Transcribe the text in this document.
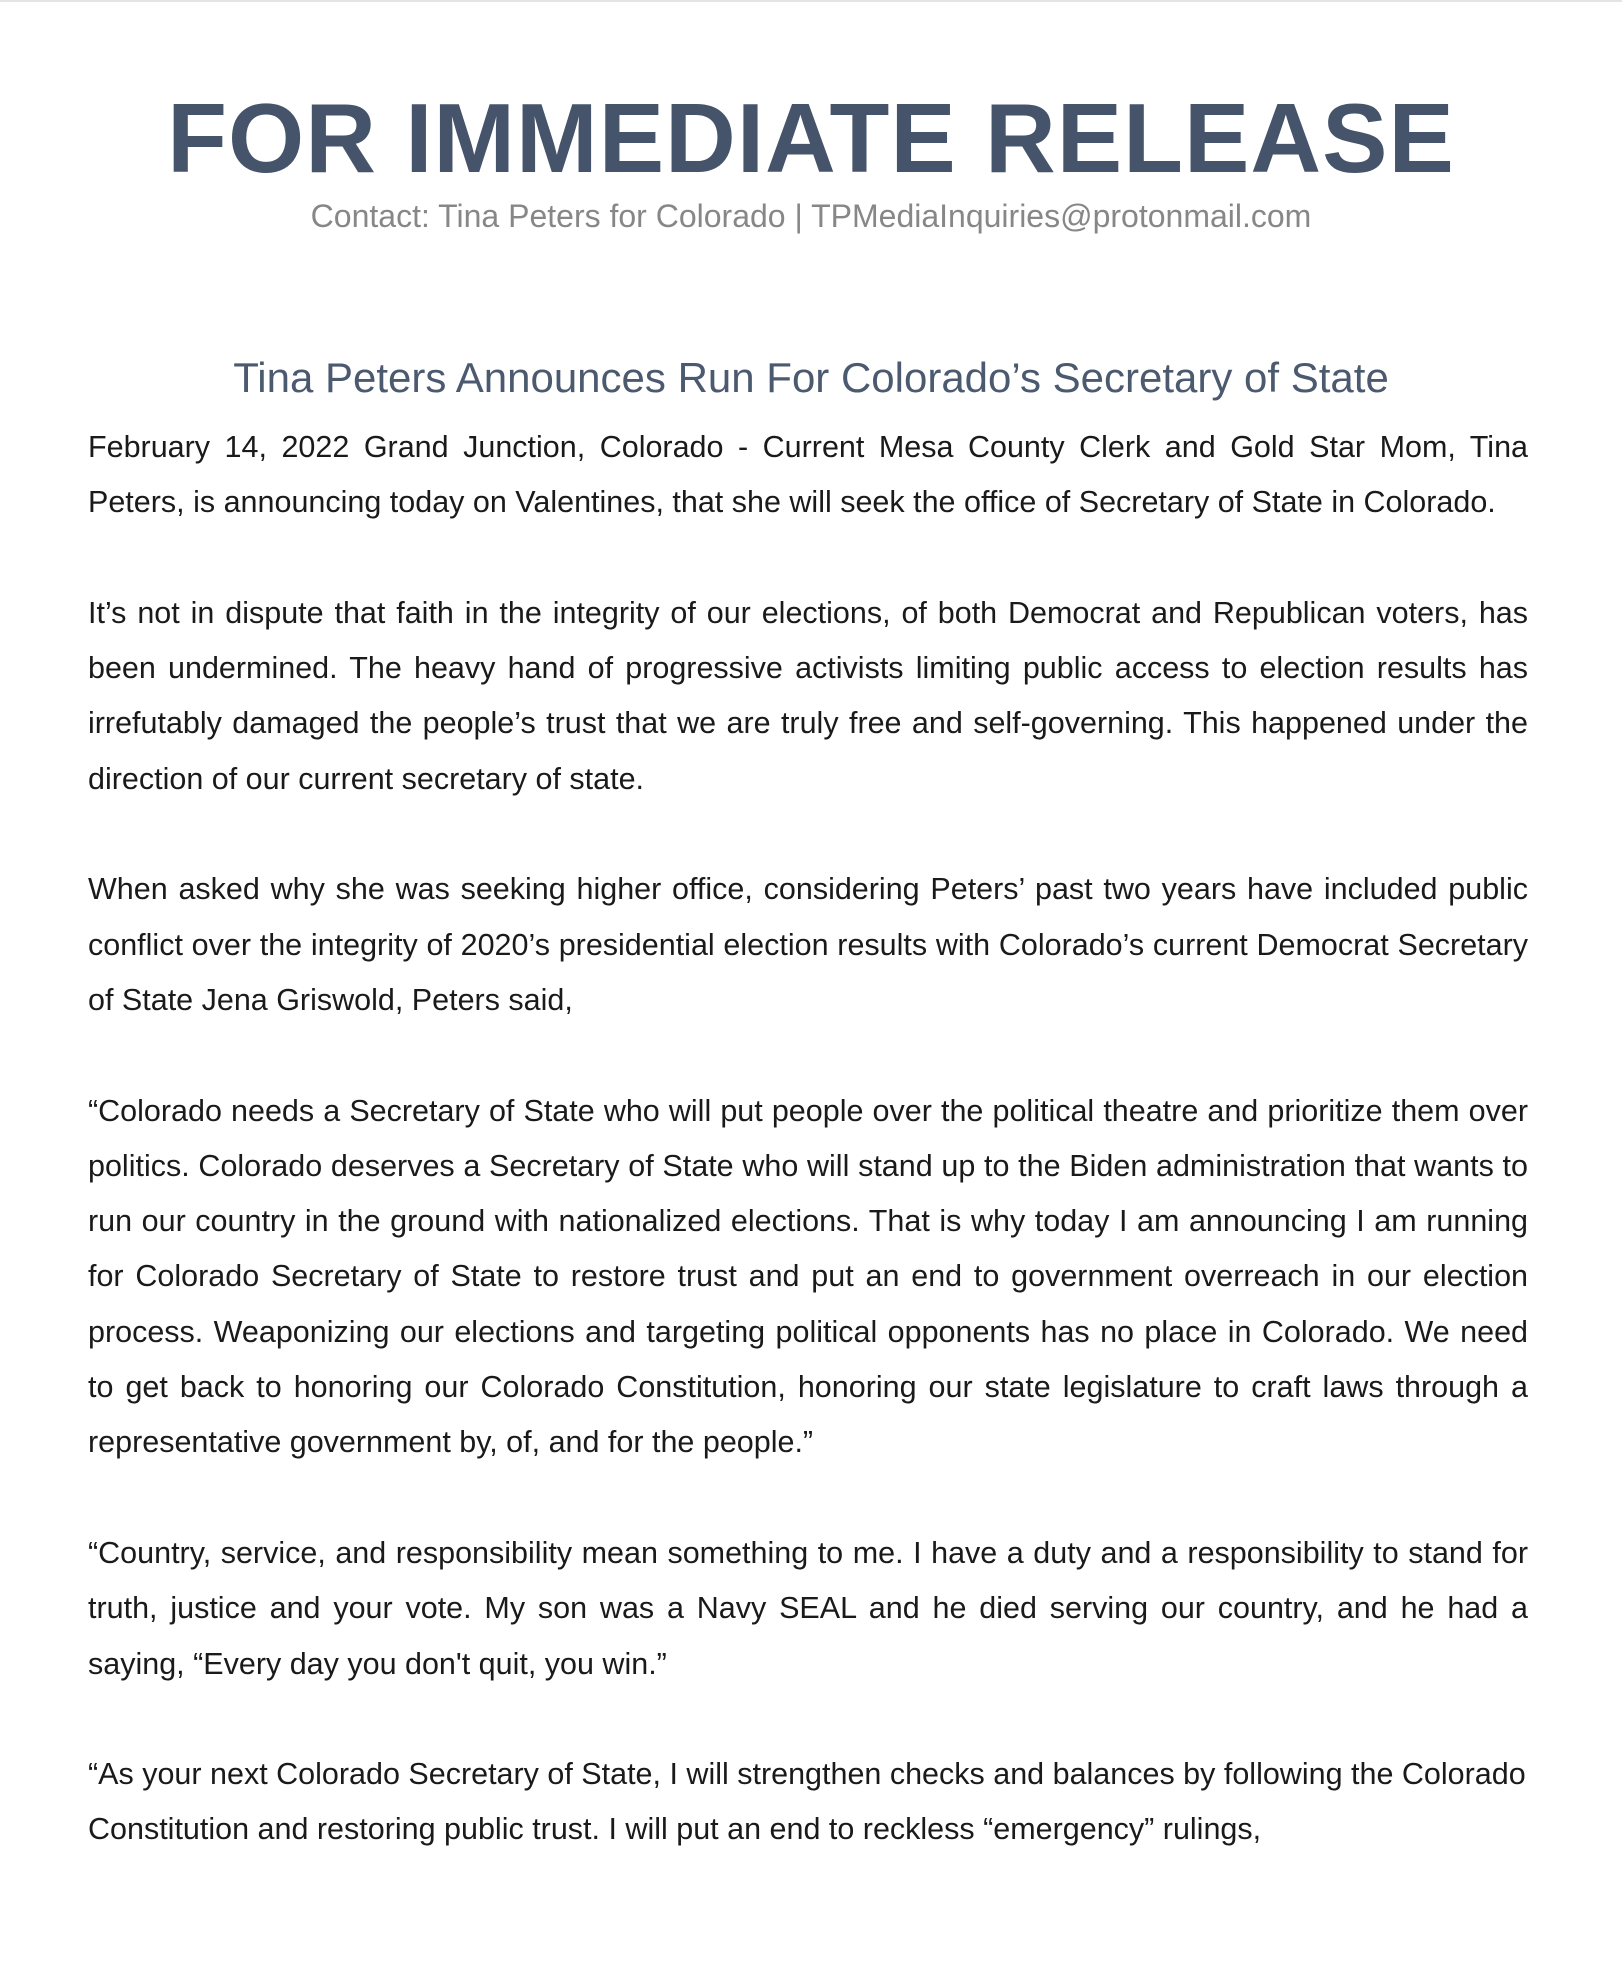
FOR IMMEDIATE RELEASE
Contact: Tina Peters for Colorado | TPMediaInquiries@protonmail.com
Tina Peters Announces Run For Colorado’s Secretary of State

February 14, 2022 Grand Junction, Colorado - Current Mesa County Clerk and Gold Star Mom, Tina Peters, is announcing today on Valentines, that she will seek the office of Secretary of State in Colorado.

It’s not in dispute that faith in the integrity of our elections, of both Democrat and Republican voters, has been undermined. The heavy hand of progressive activists limiting public access to election results has irrefutably damaged the people’s trust that we are truly free and self-governing. This happened under the direction of our current secretary of state.

When asked why she was seeking higher office, considering Peters’ past two years have included public conflict over the integrity of 2020’s presidential election results with Colorado’s current Democrat Secretary of State Jena Griswold, Peters said,

“Colorado needs a Secretary of State who will put people over the political theatre and prioritize them over politics. Colorado deserves a Secretary of State who will stand up to the Biden administration that wants to run our country in the ground with nationalized elections. That is why today I am announcing I am running for Colorado Secretary of State to restore trust and put an end to government overreach in our election process. Weaponizing our elections and targeting political opponents has no place in Colorado. We need to get back to honoring our Colorado Constitution, honoring our state legislature to craft laws through a representative government by, of, and for the people.”

“Country, service, and responsibility mean something to me. I have a duty and a responsibility to stand for truth, justice and your vote. My son was a Navy SEAL and he died serving our country, and he had a saying, “Every day you don't quit, you win.”

“As your next Colorado Secretary of State, I will strengthen checks and balances by following the Colorado Constitution and restoring public trust. I will put an end to reckless “emergency” rulings,
